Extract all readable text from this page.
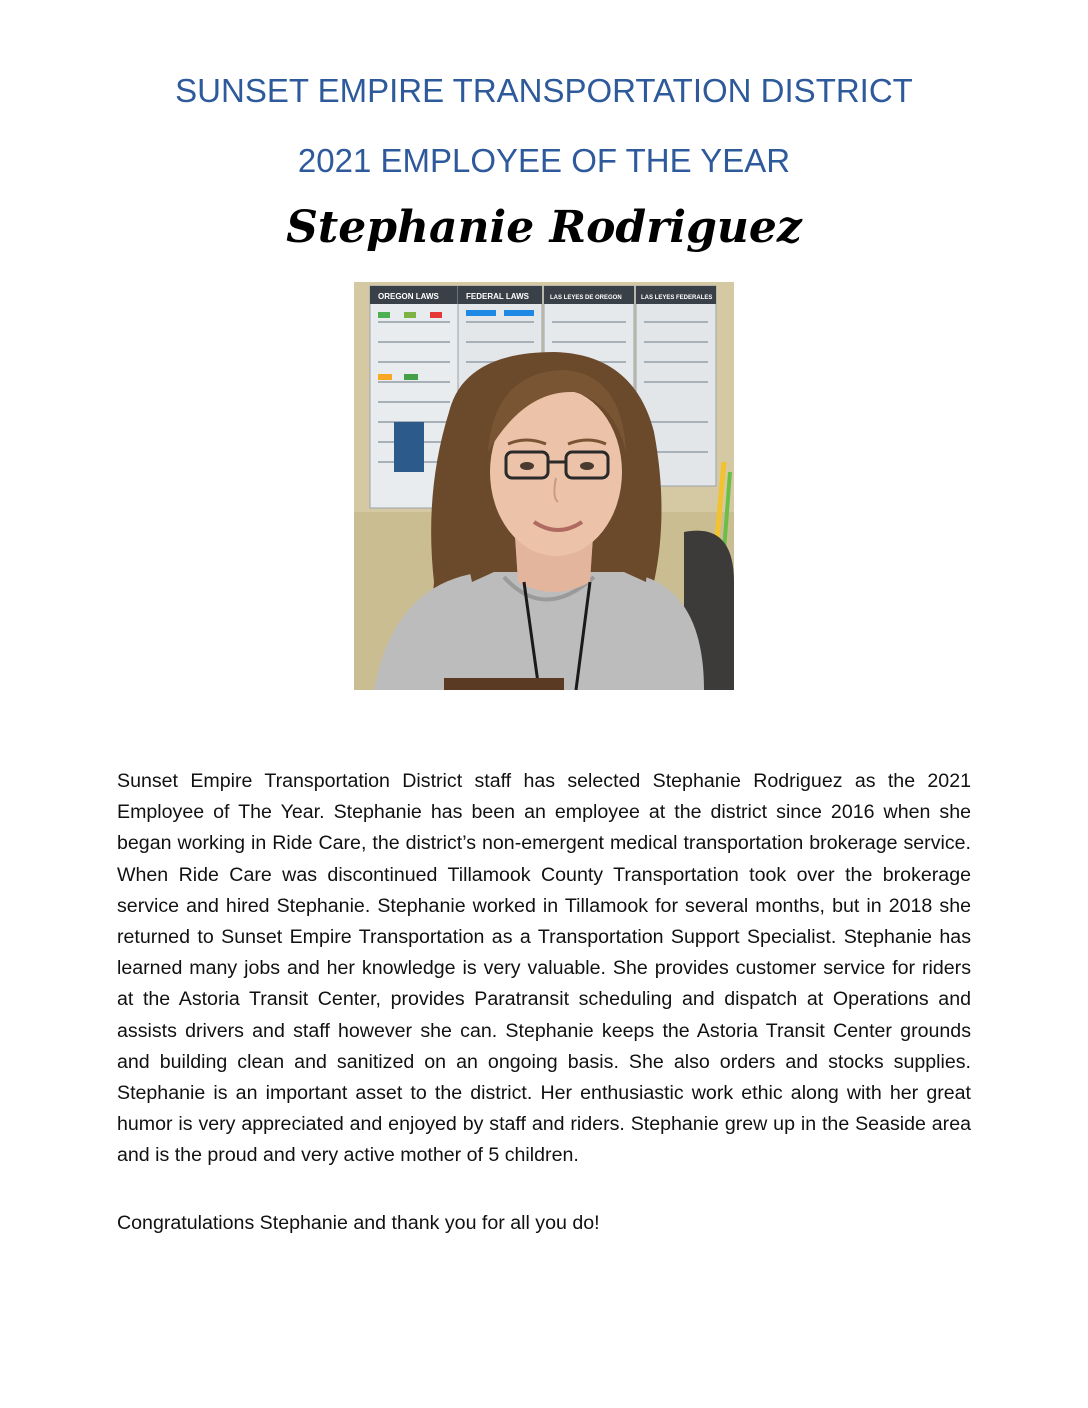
SUNSET EMPIRE TRANSPORTATION DISTRICT
2021 EMPLOYEE OF THE YEAR
Stephanie Rodriguez
OREGON LAWS	FEDERAL LAWS	LAS LEYES DE OREGON	LAS LEYES FEDERALES

Sunset Empire Transportation District staff has selected Stephanie Rodriguez as the 2021 Employee of The Year. Stephanie has been an employee at the district since 2016 when she began working in Ride Care, the district’s non-emergent medical transportation brokerage service. When Ride Care was discontinued Tillamook County Transportation took over the brokerage service and hired Stephanie. Stephanie worked in Tillamook for several months, but in 2018 she returned to Sunset Empire Transportation as a Transportation Support Specialist. Stephanie has learned many jobs and her knowledge is very valuable. She provides customer service for riders at the Astoria Transit Center, provides Paratransit scheduling and dispatch at Operations and assists drivers and staff however she can. Stephanie keeps the Astoria Transit Center grounds and building clean and sanitized on an ongoing basis. She also orders and stocks supplies. Stephanie is an important asset to the district. Her enthusiastic work ethic along with her great humor is very appreciated and enjoyed by staff and riders. Stephanie grew up in the Seaside area and is the proud and very active mother of 5 children.

Congratulations Stephanie and thank you for all you do!
